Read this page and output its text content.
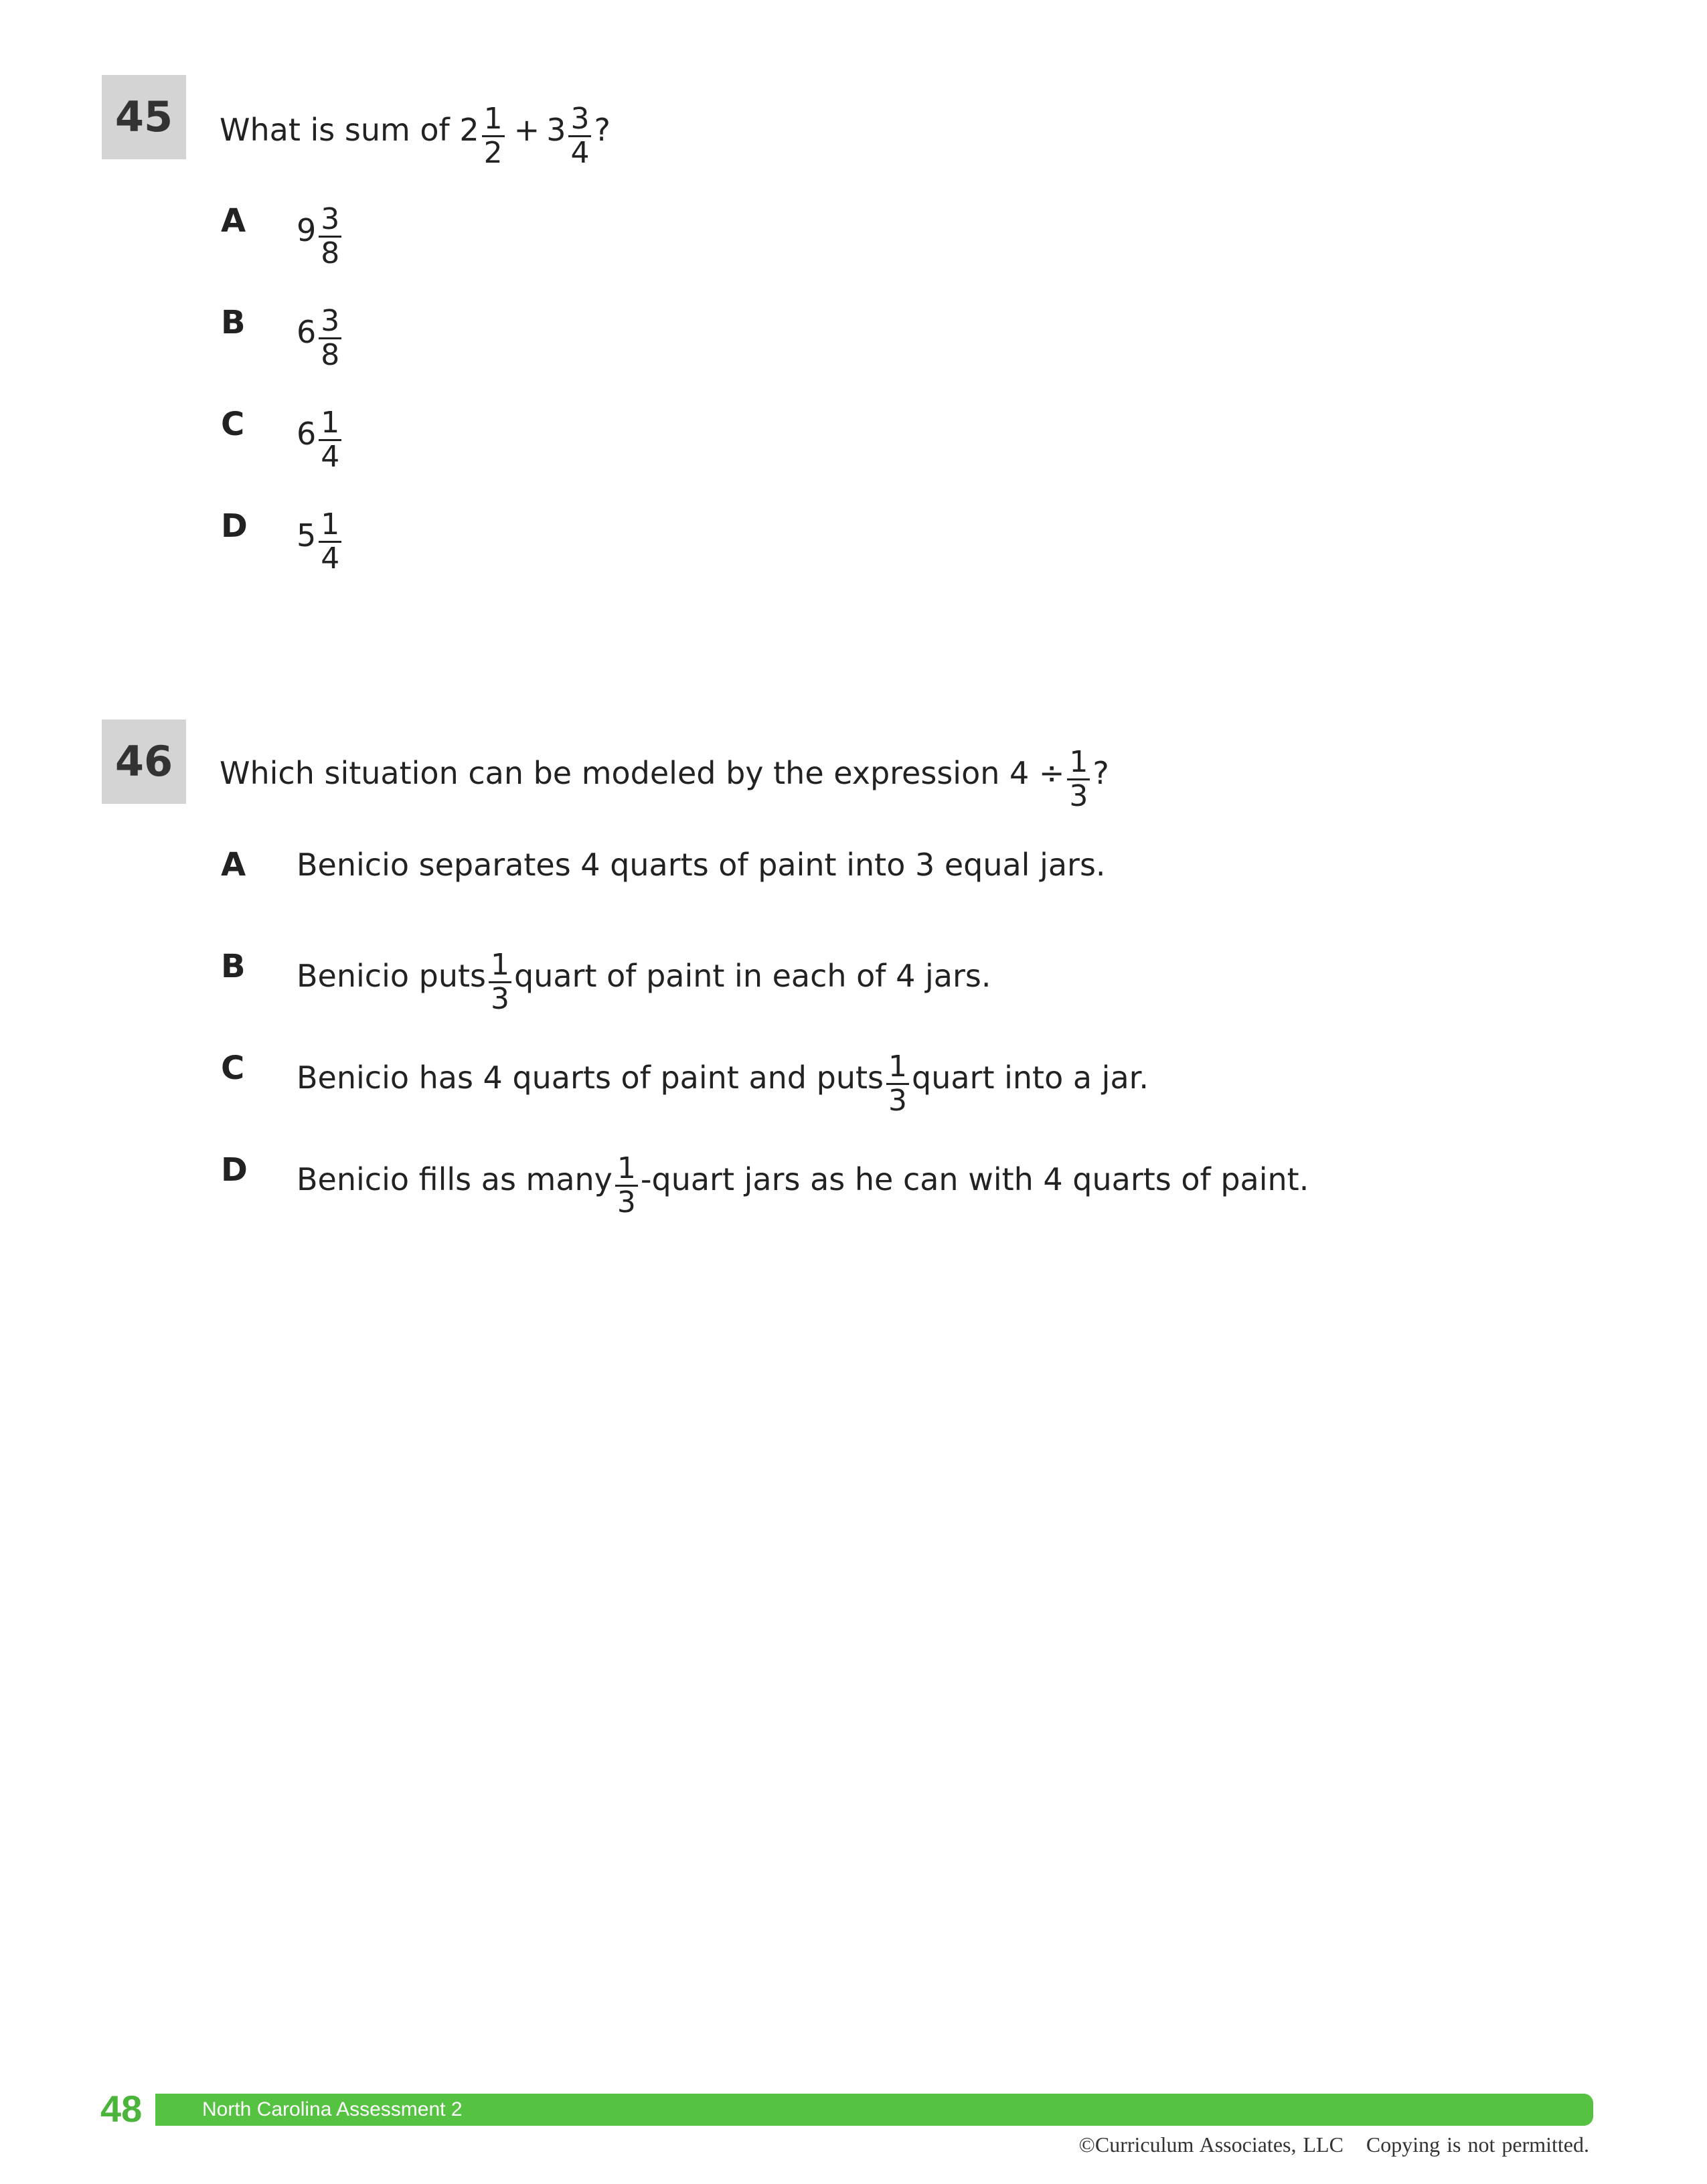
45	What is sum of $2 \frac{1}{2} + 3 \frac{3}{4}$ ?
A $9 \frac{3}{8}$
B $6 \frac{3}{8}$
C $6 \frac{1}{4}$
D $5 \frac{1}{4}$
46	Which situation can be modeled by the expression $4 \div \frac{1}{3}$ ?
A Benicio separates 4 quarts of paint into 3 equal jars.
B Benicio puts $\frac{1}{3}$ quart of paint in each of 4 jars.
C Benicio has 4 quarts of paint and puts $\frac{1}{3}$ quart into a jar.
D Benicio fills as many $\frac{1}{3}$ -quart jars as he can with 4 quarts of paint.
48	North Carolina Assessment 2
©Curriculum Associates, LLC Copying is not permitted.
